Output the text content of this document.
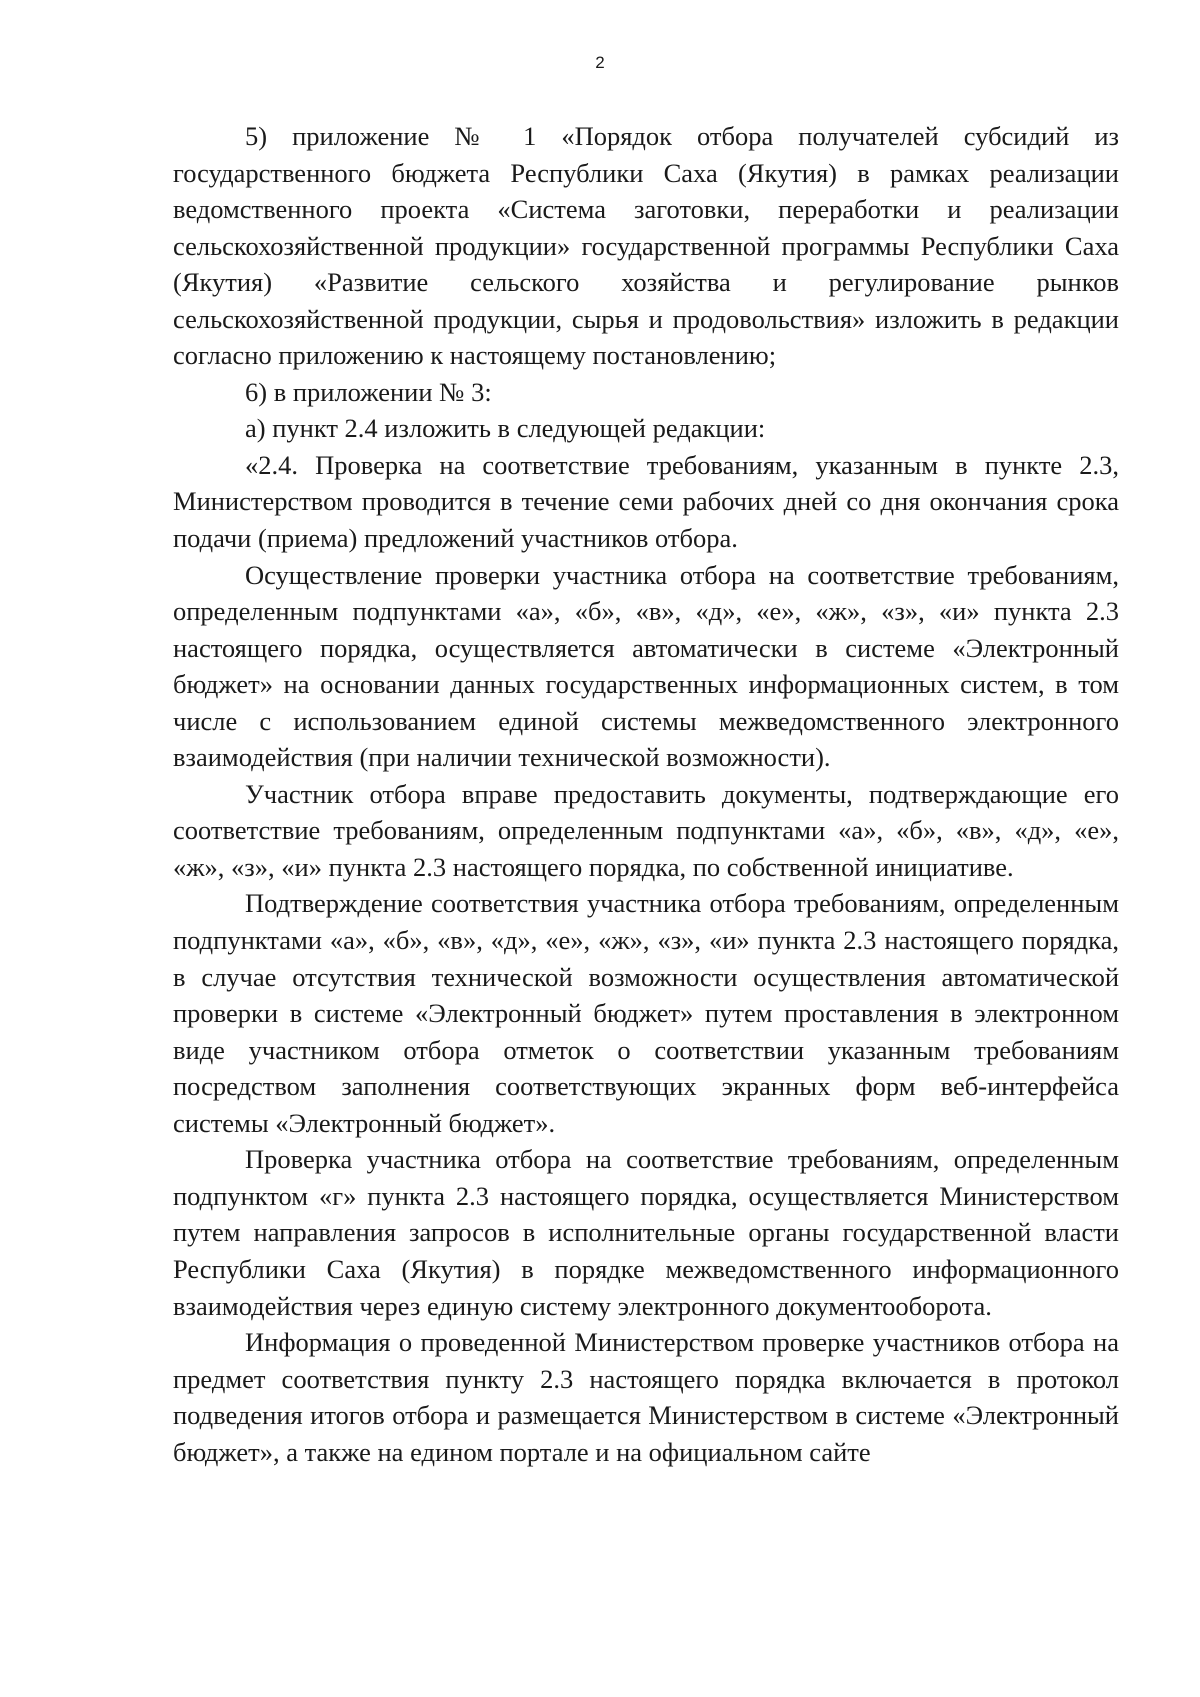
2

5) приложение № 1 «Порядок отбора получателей субсидий из государственного бюджета Республики Саха (Якутия) в рамках реализации ведомственного проекта «Система заготовки, переработки и реализации сельскохозяйственной продукции» государственной программы Республики Саха (Якутия) «Развитие сельского хозяйства и регулирование рынков сельскохозяйственной продукции, сырья и продовольствия» изложить в редакции согласно приложению к настоящему постановлению;

6) в приложении № 3:

а) пункт 2.4 изложить в следующей редакции:

«2.4. Проверка на соответствие требованиям, указанным в пункте 2.3, Министерством проводится в течение семи рабочих дней со дня окончания срока подачи (приема) предложений участников отбора.

Осуществление проверки участника отбора на соответствие требованиям, определенным подпунктами «а», «б», «в», «д», «е», «ж», «з», «и» пункта 2.3 настоящего порядка, осуществляется автоматически в системе «Электронный бюджет» на основании данных государственных информационных систем, в том числе с использованием единой системы межведомственного электронного взаимодействия (при наличии технической возможности).

Участник отбора вправе предоставить документы, подтверждающие его соответствие требованиям, определенным подпунктами «а», «б», «в», «д», «е», «ж», «з», «и» пункта 2.3 настоящего порядка, по собственной инициативе.

Подтверждение соответствия участника отбора требованиям, определенным подпунктами «а», «б», «в», «д», «е», «ж», «з», «и» пункта 2.3 настоящего порядка, в случае отсутствия технической возможности осуществления автоматической проверки в системе «Электронный бюджет» путем проставления в электронном виде участником отбора отметок о соответствии указанным требованиям посредством заполнения соответствующих экранных форм веб-интерфейса системы «Электронный бюджет».

Проверка участника отбора на соответствие требованиям, определенным подпунктом «г» пункта 2.3 настоящего порядка, осуществляется Министерством путем направления запросов в исполнительные органы государственной власти Республики Саха (Якутия) в порядке межведомственного информационного взаимодействия через единую систему электронного документооборота.

Информация о проведенной Министерством проверке участников отбора на предмет соответствия пункту 2.3 настоящего порядка включается в протокол подведения итогов отбора и размещается Министерством в системе «Электронный бюджет», а также на едином портале и на официальном сайте
